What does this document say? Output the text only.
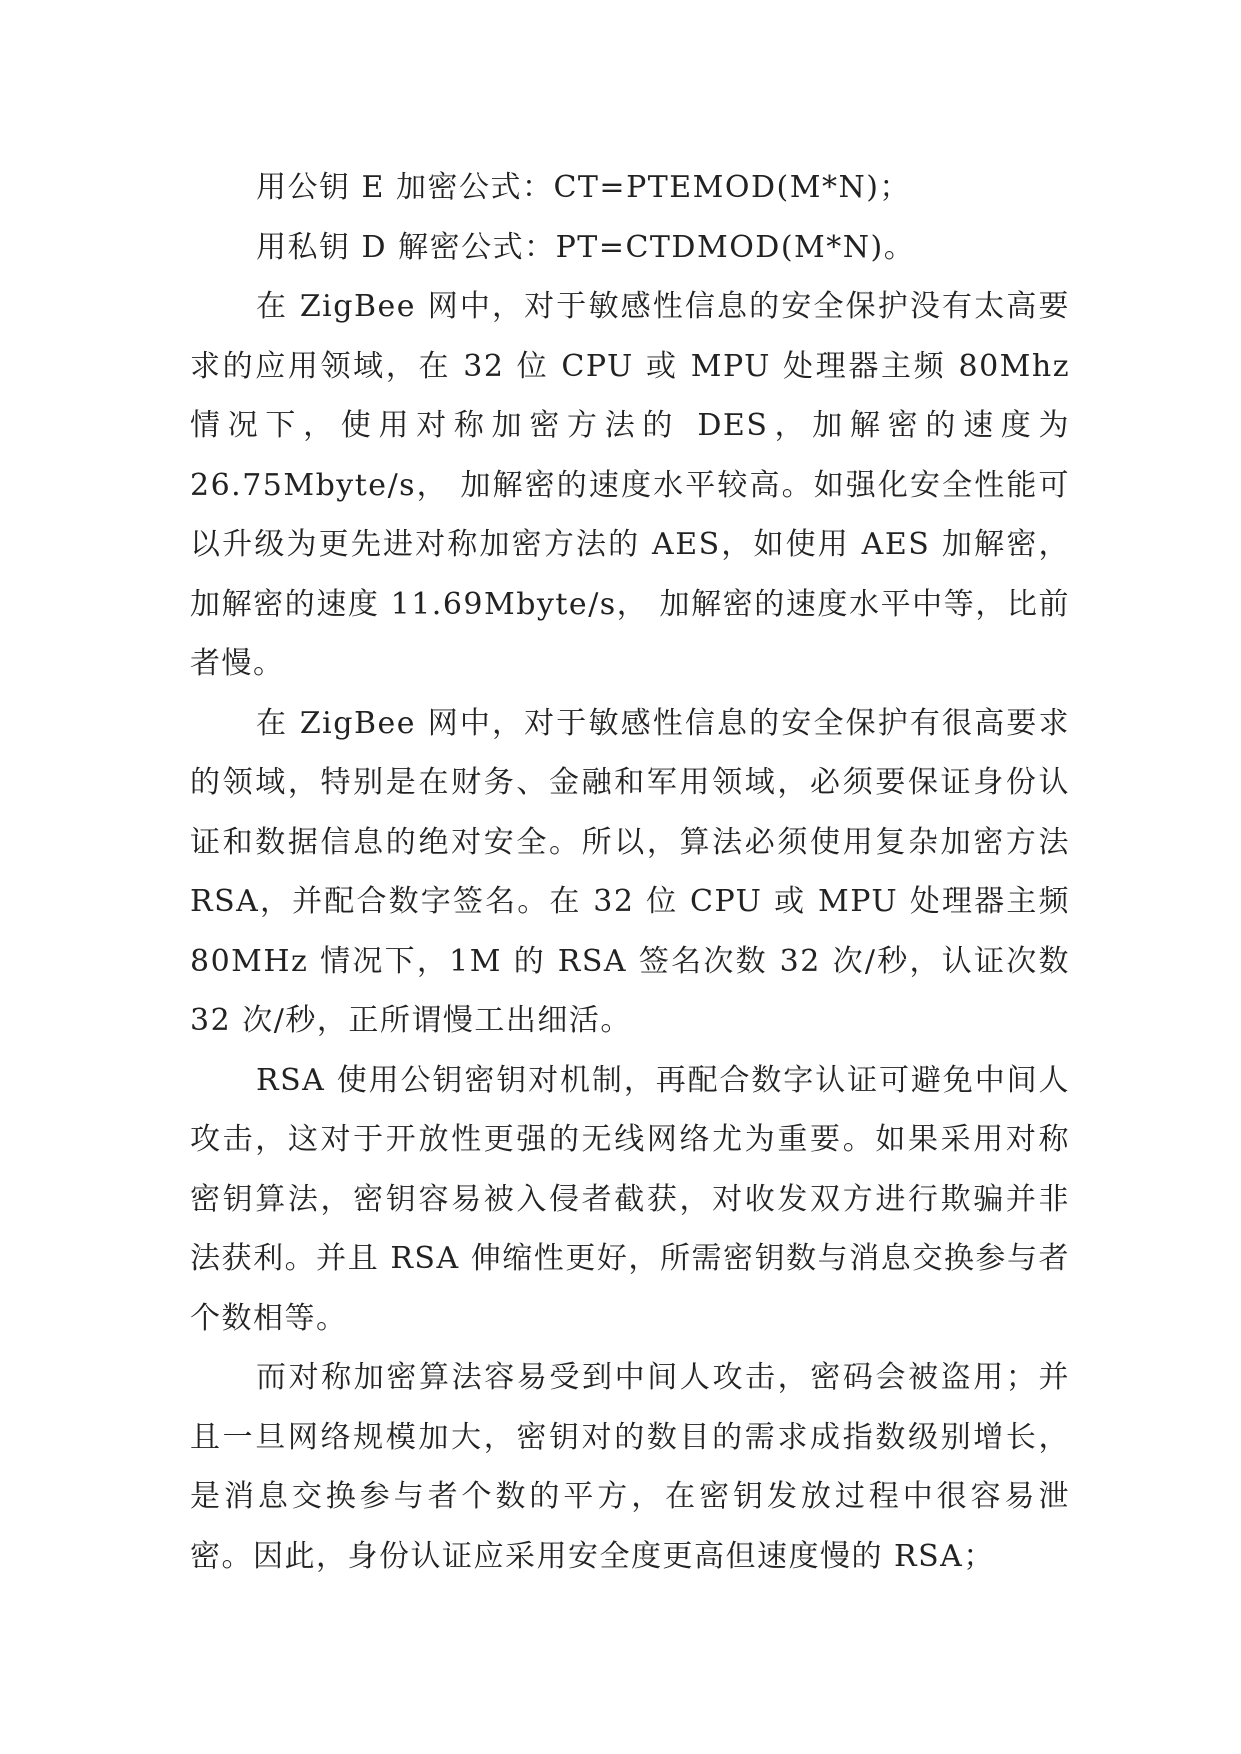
用公钥 E 加密公式：CT=PTEMOD(M*N)；

用私钥 D 解密公式：PT=CTDMOD(M*N)。

在 ZigBee 网中，对于敏感性信息的安全保护没有太高要求的应用领域，在 32 位 CPU 或 MPU 处理器主频 80Mhz 情况下，使用对称加密方法的 DES，加解密的速度为 26.75Mbyte/s， 加解密的速度水平较高。如强化安全性能可以升级为更先进对称加密方法的 AES，如使用 AES 加解密，加解密的速度 11.69Mbyte/s， 加解密的速度水平中等，比前者慢。

在 ZigBee 网中，对于敏感性信息的安全保护有很高要求的领域，特别是在财务、金融和军用领域，必须要保证身份认证和数据信息的绝对安全。所以，算法必须使用复杂加密方法 RSA，并配合数字签名。在 32 位 CPU 或 MPU 处理器主频 80MHz 情况下，1M 的 RSA 签名次数 32 次/秒，认证次数 32 次/秒，正所谓慢工出细活。

RSA 使用公钥密钥对机制，再配合数字认证可避免中间人攻击，这对于开放性更强的无线网络尤为重要。如果采用对称密钥算法，密钥容易被入侵者截获，对收发双方进行欺骗并非法获利。并且 RSA 伸缩性更好，所需密钥数与消息交换参与者个数相等。

而对称加密算法容易受到中间人攻击，密码会被盗用；并且一旦网络规模加大，密钥对的数目的需求成指数级别增长，是消息交换参与者个数的平方，在密钥发放过程中很容易泄密。因此，身份认证应采用安全度更高但速度慢的 RSA；
